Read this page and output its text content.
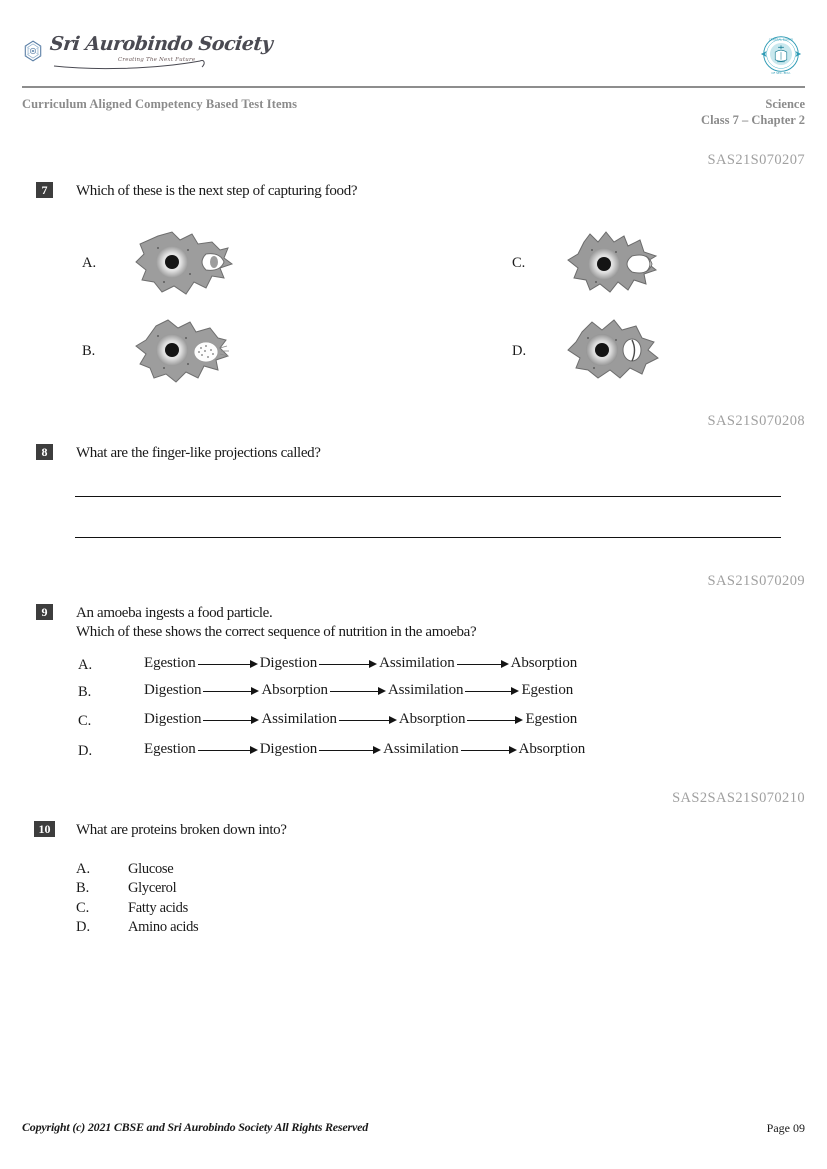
Sri Aurobindo Society
Creating The Next Future
CENTRAL BOARD
OF SEC. EDU.
Curriculum Aligned Competency Based Test Items	Science
Class 7 – Chapter 2
SAS21S070207
7	Which of these is the next step of capturing food?
A.	C.
B.	D.
SAS21S070208
8	What are the finger-like projections called?
SAS21S070209
9	An amoeba ingests a food particle.
Which of these shows the correct sequence of nutrition in the amoeba?
A.	Egestion	Digestion	Assimilation	Absorption
B.	Digestion	Absorption	Assimilation	Egestion
C.	Digestion	Assimilation	Absorption	Egestion
D.	Egestion	Digestion	Assimilation	Absorption
SAS2SAS21S070210
10	What are proteins broken down into?
A.	Glucose
B.	Glycerol
C.	Fatty acids
D.	Amino acids
Copyright (c) 2021 CBSE and Sri Aurobindo Society All Rights Reserved	Page 09
